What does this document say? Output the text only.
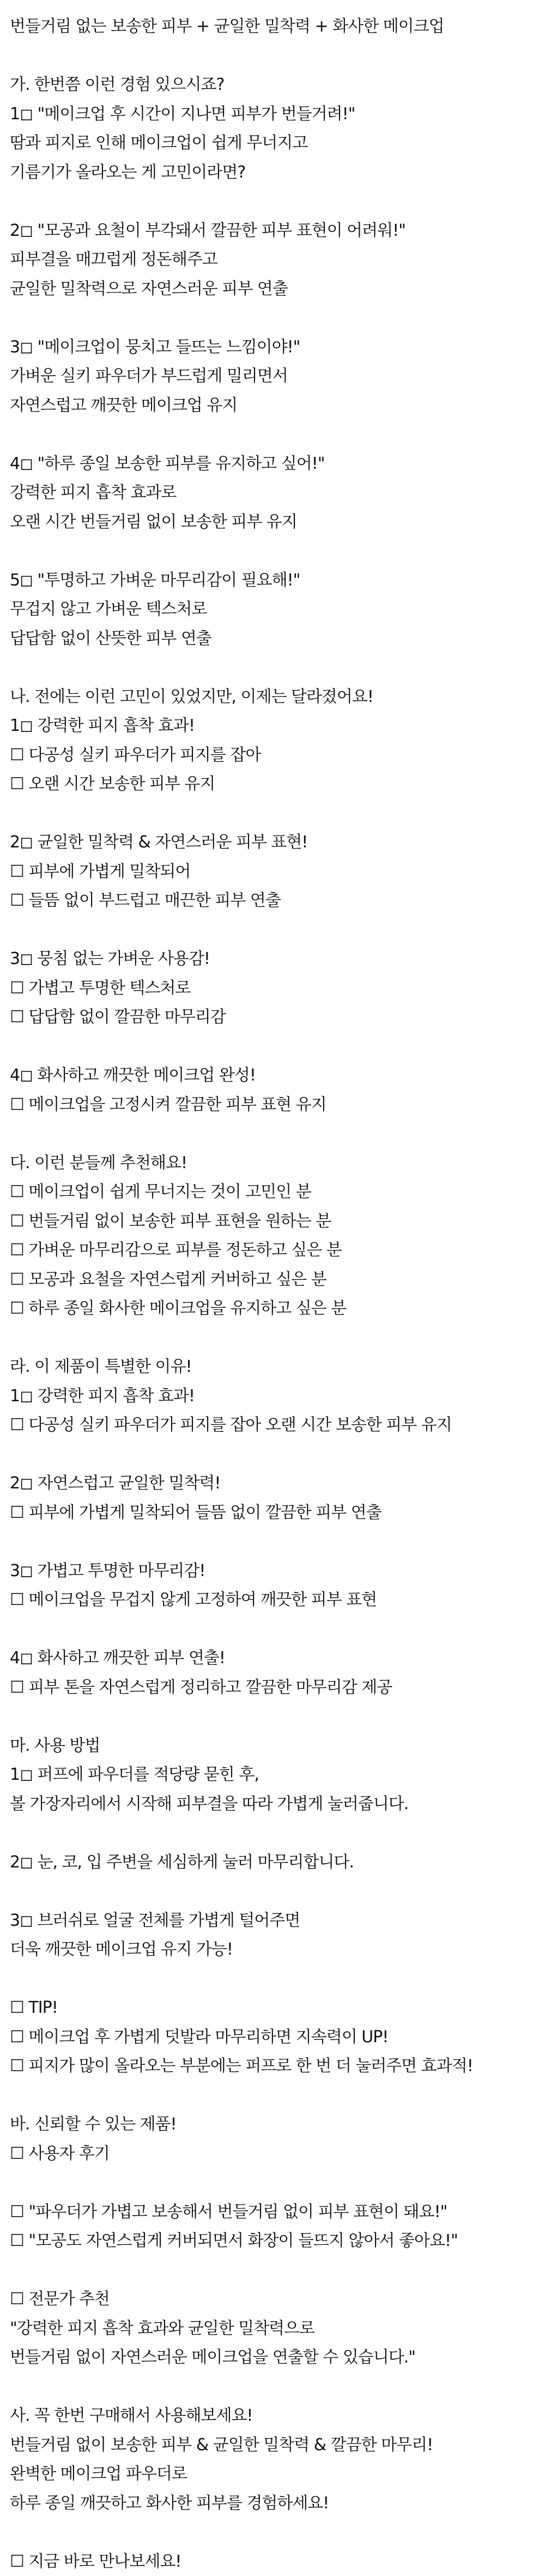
번들거림 없는 보송한 피부 + 균일한 밀착력 + 화사한 메이크업
가. 한번쯤 이런 경험 있으시죠?
1◻ "메이크업 후 시간이 지나면 피부가 번들거려!"
땀과 피지로 인해 메이크업이 쉽게 무너지고
기름기가 올라오는 게 고민이라면?
2◻ "모공과 요철이 부각돼서 깔끔한 피부 표현이 어려워!"
피부결을 매끄럽게 정돈해주고
균일한 밀착력으로 자연스러운 피부 연출
3◻ "메이크업이 뭉치고 들뜨는 느낌이야!"
가벼운 실키 파우더가 부드럽게 밀리면서
자연스럽고 깨끗한 메이크업 유지
4◻ "하루 종일 보송한 피부를 유지하고 싶어!"
강력한 피지 흡착 효과로
오랜 시간 번들거림 없이 보송한 피부 유지
5◻ "투명하고 가벼운 마무리감이 필요해!"
무겁지 않고 가벼운 텍스처로
답답함 없이 산뜻한 피부 연출
나. 전에는 이런 고민이 있었지만, 이제는 달라졌어요!
1◻ 강력한 피지 흡착 효과!
☐ 다공성 실키 파우더가 피지를 잡아
☐ 오랜 시간 보송한 피부 유지
2◻ 균일한 밀착력 & 자연스러운 피부 표현!
☐ 피부에 가볍게 밀착되어
☐ 들뜸 없이 부드럽고 매끈한 피부 연출
3◻ 뭉침 없는 가벼운 사용감!
☐ 가볍고 투명한 텍스처로
☐ 답답함 없이 깔끔한 마무리감
4◻ 화사하고 깨끗한 메이크업 완성!
☐ 메이크업을 고정시켜 깔끔한 피부 표현 유지
다. 이런 분들께 추천해요!
☐ 메이크업이 쉽게 무너지는 것이 고민인 분
☐ 번들거림 없이 보송한 피부 표현을 원하는 분
☐ 가벼운 마무리감으로 피부를 정돈하고 싶은 분
☐ 모공과 요철을 자연스럽게 커버하고 싶은 분
☐ 하루 종일 화사한 메이크업을 유지하고 싶은 분
라. 이 제품이 특별한 이유!
1◻ 강력한 피지 흡착 효과!
☐ 다공성 실키 파우더가 피지를 잡아 오랜 시간 보송한 피부 유지
2◻ 자연스럽고 균일한 밀착력!
☐ 피부에 가볍게 밀착되어 들뜸 없이 깔끔한 피부 연출
3◻ 가볍고 투명한 마무리감!
☐ 메이크업을 무겁지 않게 고정하여 깨끗한 피부 표현
4◻ 화사하고 깨끗한 피부 연출!
☐ 피부 톤을 자연스럽게 정리하고 깔끔한 마무리감 제공
마. 사용 방법
1◻ 퍼프에 파우더를 적당량 묻힌 후,
볼 가장자리에서 시작해 피부결을 따라 가볍게 눌러줍니다.
2◻ 눈, 코, 입 주변을 세심하게 눌러 마무리합니다.
3◻ 브러쉬로 얼굴 전체를 가볍게 털어주면
더욱 깨끗한 메이크업 유지 가능!
☐ TIP!
☐ 메이크업 후 가볍게 덧발라 마무리하면 지속력이 UP!
☐ 피지가 많이 올라오는 부분에는 퍼프로 한 번 더 눌러주면 효과적!
바. 신뢰할 수 있는 제품!
☐ 사용자 후기
☐ "파우더가 가볍고 보송해서 번들거림 없이 피부 표현이 돼요!"
☐ "모공도 자연스럽게 커버되면서 화장이 들뜨지 않아서 좋아요!"
☐ 전문가 추천
"강력한 피지 흡착 효과와 균일한 밀착력으로
번들거림 없이 자연스러운 메이크업을 연출할 수 있습니다."
사. 꼭 한번 구매해서 사용해보세요!
번들거림 없이 보송한 피부 & 균일한 밀착력 & 깔끔한 마무리!
완벽한 메이크업 파우더로
하루 종일 깨끗하고 화사한 피부를 경험하세요!
☐ 지금 바로 만나보세요!
